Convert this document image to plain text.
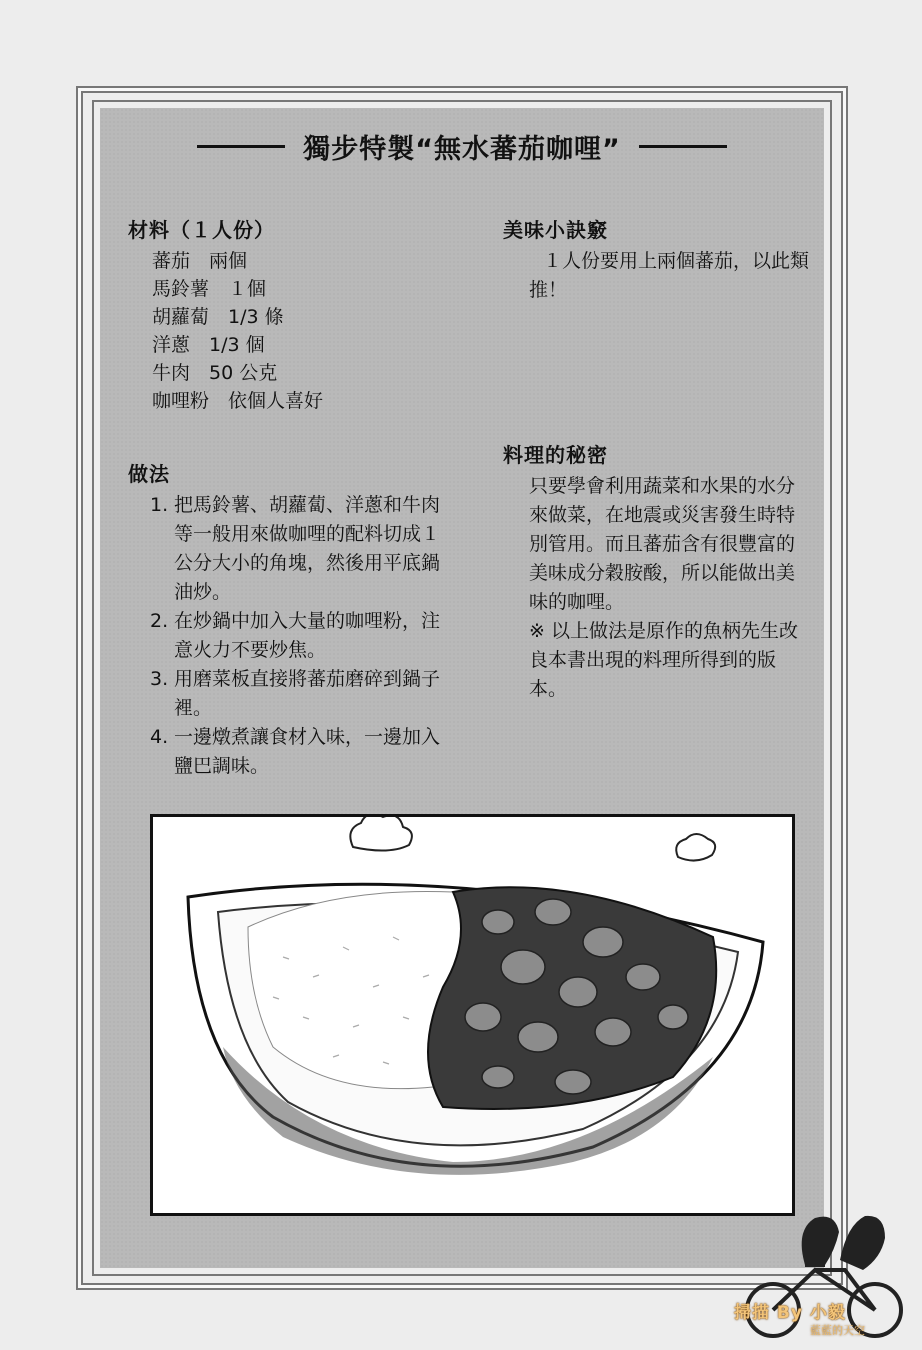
獨步特製“無水蕃茄咖哩”
材料（１人份）
蕃茄　兩個
馬鈴薯　１個
胡蘿蔔　1/3 條
洋蔥　1/3 個
牛肉　50 公克
咖哩粉　依個人喜好
做法
1. 把馬鈴薯、胡蘿蔔、洋蔥和牛肉等一般用來做咖哩的配料切成１公分大小的角塊，然後用平底鍋油炒。
2. 在炒鍋中加入大量的咖哩粉，注意火力不要炒焦。
3. 用磨菜板直接將蕃茄磨碎到鍋子裡。
4. 一邊燉煮讓食材入味，一邊加入鹽巴調味。
美味小訣竅
１人份要用上兩個蕃茄，以此類推！
料理的秘密
只要學會利用蔬菜和水果的水分來做菜，在地震或災害發生時特別管用。而且蕃茄含有很豐富的美味成分穀胺酸，所以能做出美味的咖哩。
※ 以上做法是原作的魚柄先生改良本書出現的料理所得到的版本。
掃描 By 小毅
藍藍的天空
